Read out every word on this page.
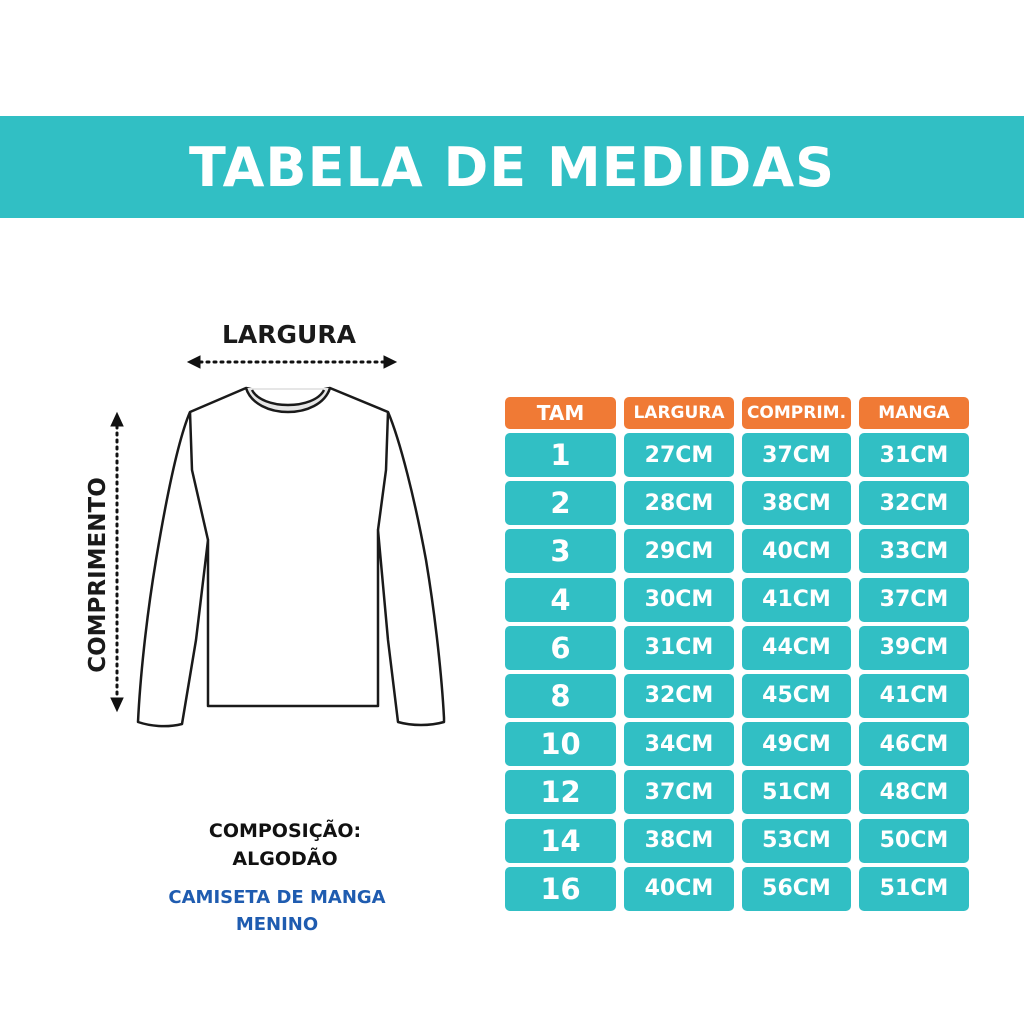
TABELA DE MEDIDAS
LARGURA
COMPRIMENTO
COMPOSIÇÃO:
ALGODÃO
CAMISETA DE MANGA
MENINO
TAM	LARGURA	COMPRIM.	MANGA
1	27CM	37CM	31CM
2	28CM	38CM	32CM
3	29CM	40CM	33CM
4	30CM	41CM	37CM
6	31CM	44CM	39CM
8	32CM	45CM	41CM
10	34CM	49CM	46CM
12	37CM	51CM	48CM
14	38CM	53CM	50CM
16	40CM	56CM	51CM
